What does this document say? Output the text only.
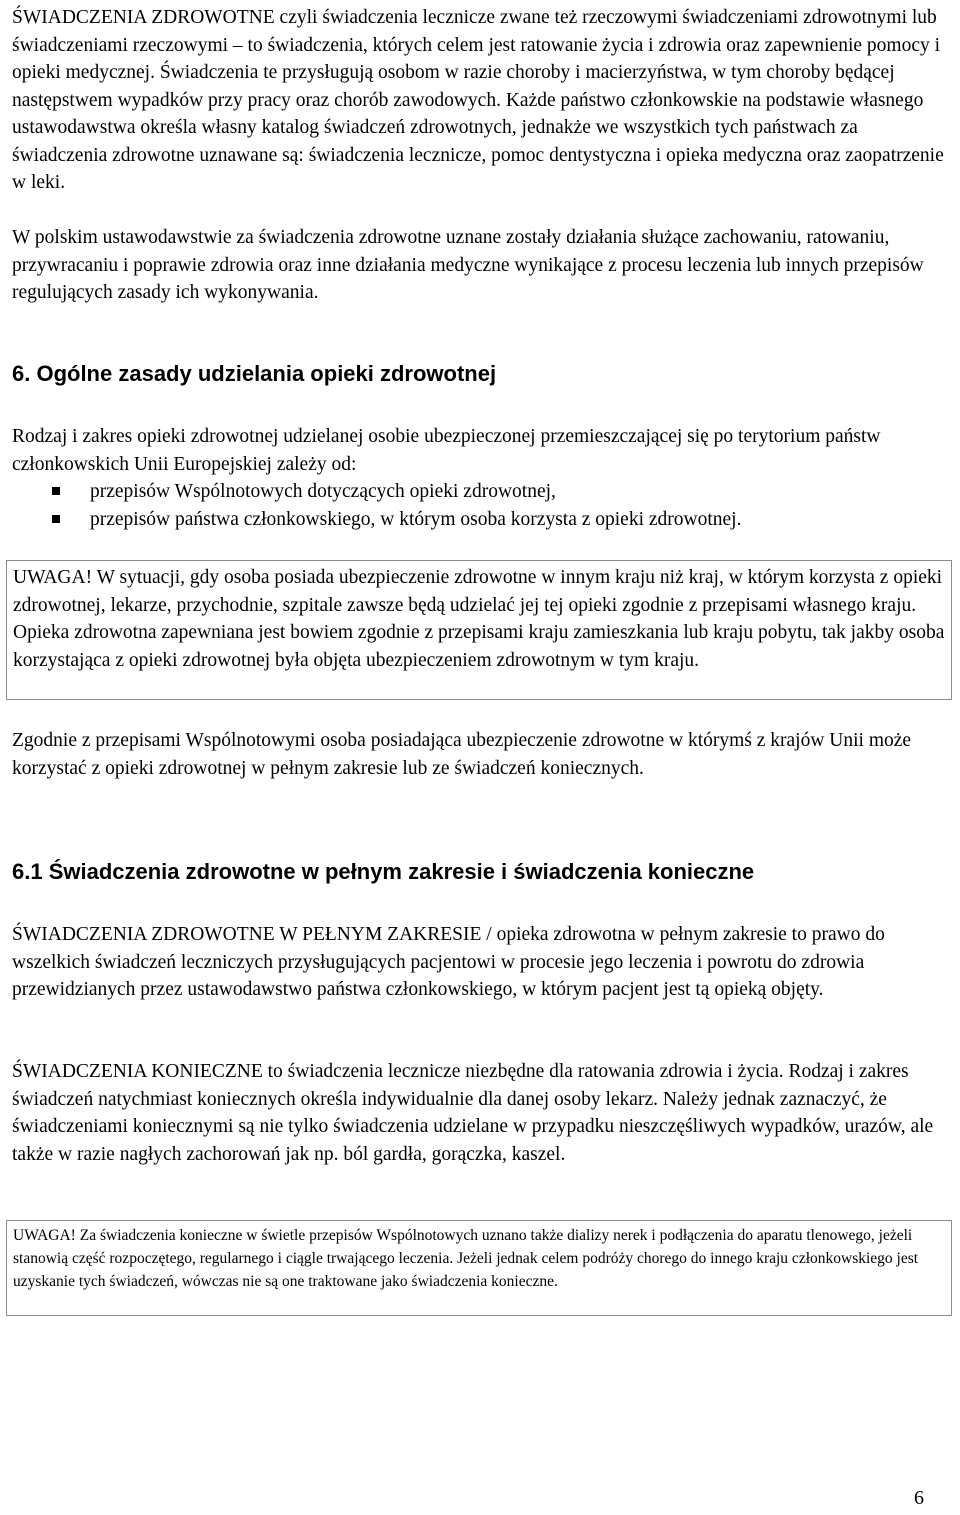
ŚWIADCZENIA ZDROWOTNE czyli świadczenia lecznicze zwane też rzeczowymi świadczeniami zdrowotnymi lub świadczeniami rzeczowymi – to świadczenia, których celem jest ratowanie życia i zdrowia oraz zapewnienie pomocy i opieki medycznej. Świadczenia te przysługują osobom w razie choroby i macierzyństwa, w tym choroby będącej następstwem wypadków przy pracy oraz chorób zawodowych. Każde państwo członkowskie na podstawie własnego ustawodawstwa określa własny katalog świadczeń zdrowotnych, jednakże we wszystkich tych państwach za świadczenia zdrowotne uznawane są: świadczenia lecznicze, pomoc dentystyczna i opieka medyczna oraz zaopatrzenie w leki.

W polskim ustawodawstwie za świadczenia zdrowotne uznane zostały działania służące zachowaniu, ratowaniu, przywracaniu i poprawie zdrowia oraz inne działania medyczne wynikające z procesu leczenia lub innych przepisów regulujących zasady ich wykonywania.

6. Ogólne zasady udzielania opieki zdrowotnej

Rodzaj i zakres opieki zdrowotnej udzielanej osobie ubezpieczonej przemieszczającej się po terytorium państw członkowskich Unii Europejskiej zależy od:

przepisów Wspólnotowych dotyczących opieki zdrowotnej,
przepisów państwa członkowskiego, w którym osoba korzysta z opieki zdrowotnej.

UWAGA! W sytuacji, gdy osoba posiada ubezpieczenie zdrowotne w innym kraju niż kraj, w którym korzysta z opieki zdrowotnej, lekarze, przychodnie, szpitale zawsze będą udzielać jej tej opieki zgodnie z przepisami własnego kraju. Opieka zdrowotna zapewniana jest bowiem zgodnie z przepisami kraju zamieszkania lub kraju pobytu, tak jakby osoba korzystająca z opieki zdrowotnej była objęta ubezpieczeniem zdrowotnym w tym kraju.

Zgodnie z przepisami Wspólnotowymi osoba posiadająca ubezpieczenie zdrowotne w którymś z krajów Unii może korzystać z opieki zdrowotnej w pełnym zakresie lub ze świadczeń koniecznych.

6.1 Świadczenia zdrowotne w pełnym zakresie i świadczenia konieczne

ŚWIADCZENIA ZDROWOTNE W PEŁNYM ZAKRESIE / opieka zdrowotna w pełnym zakresie to prawo do wszelkich świadczeń leczniczych przysługujących pacjentowi w procesie jego leczenia i powrotu do zdrowia przewidzianych przez ustawodawstwo państwa członkowskiego, w którym pacjent jest tą opieką objęty.

ŚWIADCZENIA KONIECZNE to świadczenia lecznicze niezbędne dla ratowania zdrowia i życia. Rodzaj i zakres świadczeń natychmiast koniecznych określa indywidualnie dla danej osoby lekarz. Należy jednak zaznaczyć, że świadczeniami koniecznymi są nie tylko świadczenia udzielane w przypadku nieszczęśliwych wypadków, urazów, ale także w razie nagłych zachorowań jak np. ból gardła, gorączka, kaszel.

UWAGA! Za świadczenia konieczne w świetle przepisów Wspólnotowych uznano także dializy nerek i podłączenia do aparatu tlenowego, jeżeli stanowią część rozpoczętego, regularnego i ciągle trwającego leczenia. Jeżeli jednak celem podróży chorego do innego kraju członkowskiego jest uzyskanie tych świadczeń, wówczas nie są one traktowane jako świadczenia konieczne.

6
